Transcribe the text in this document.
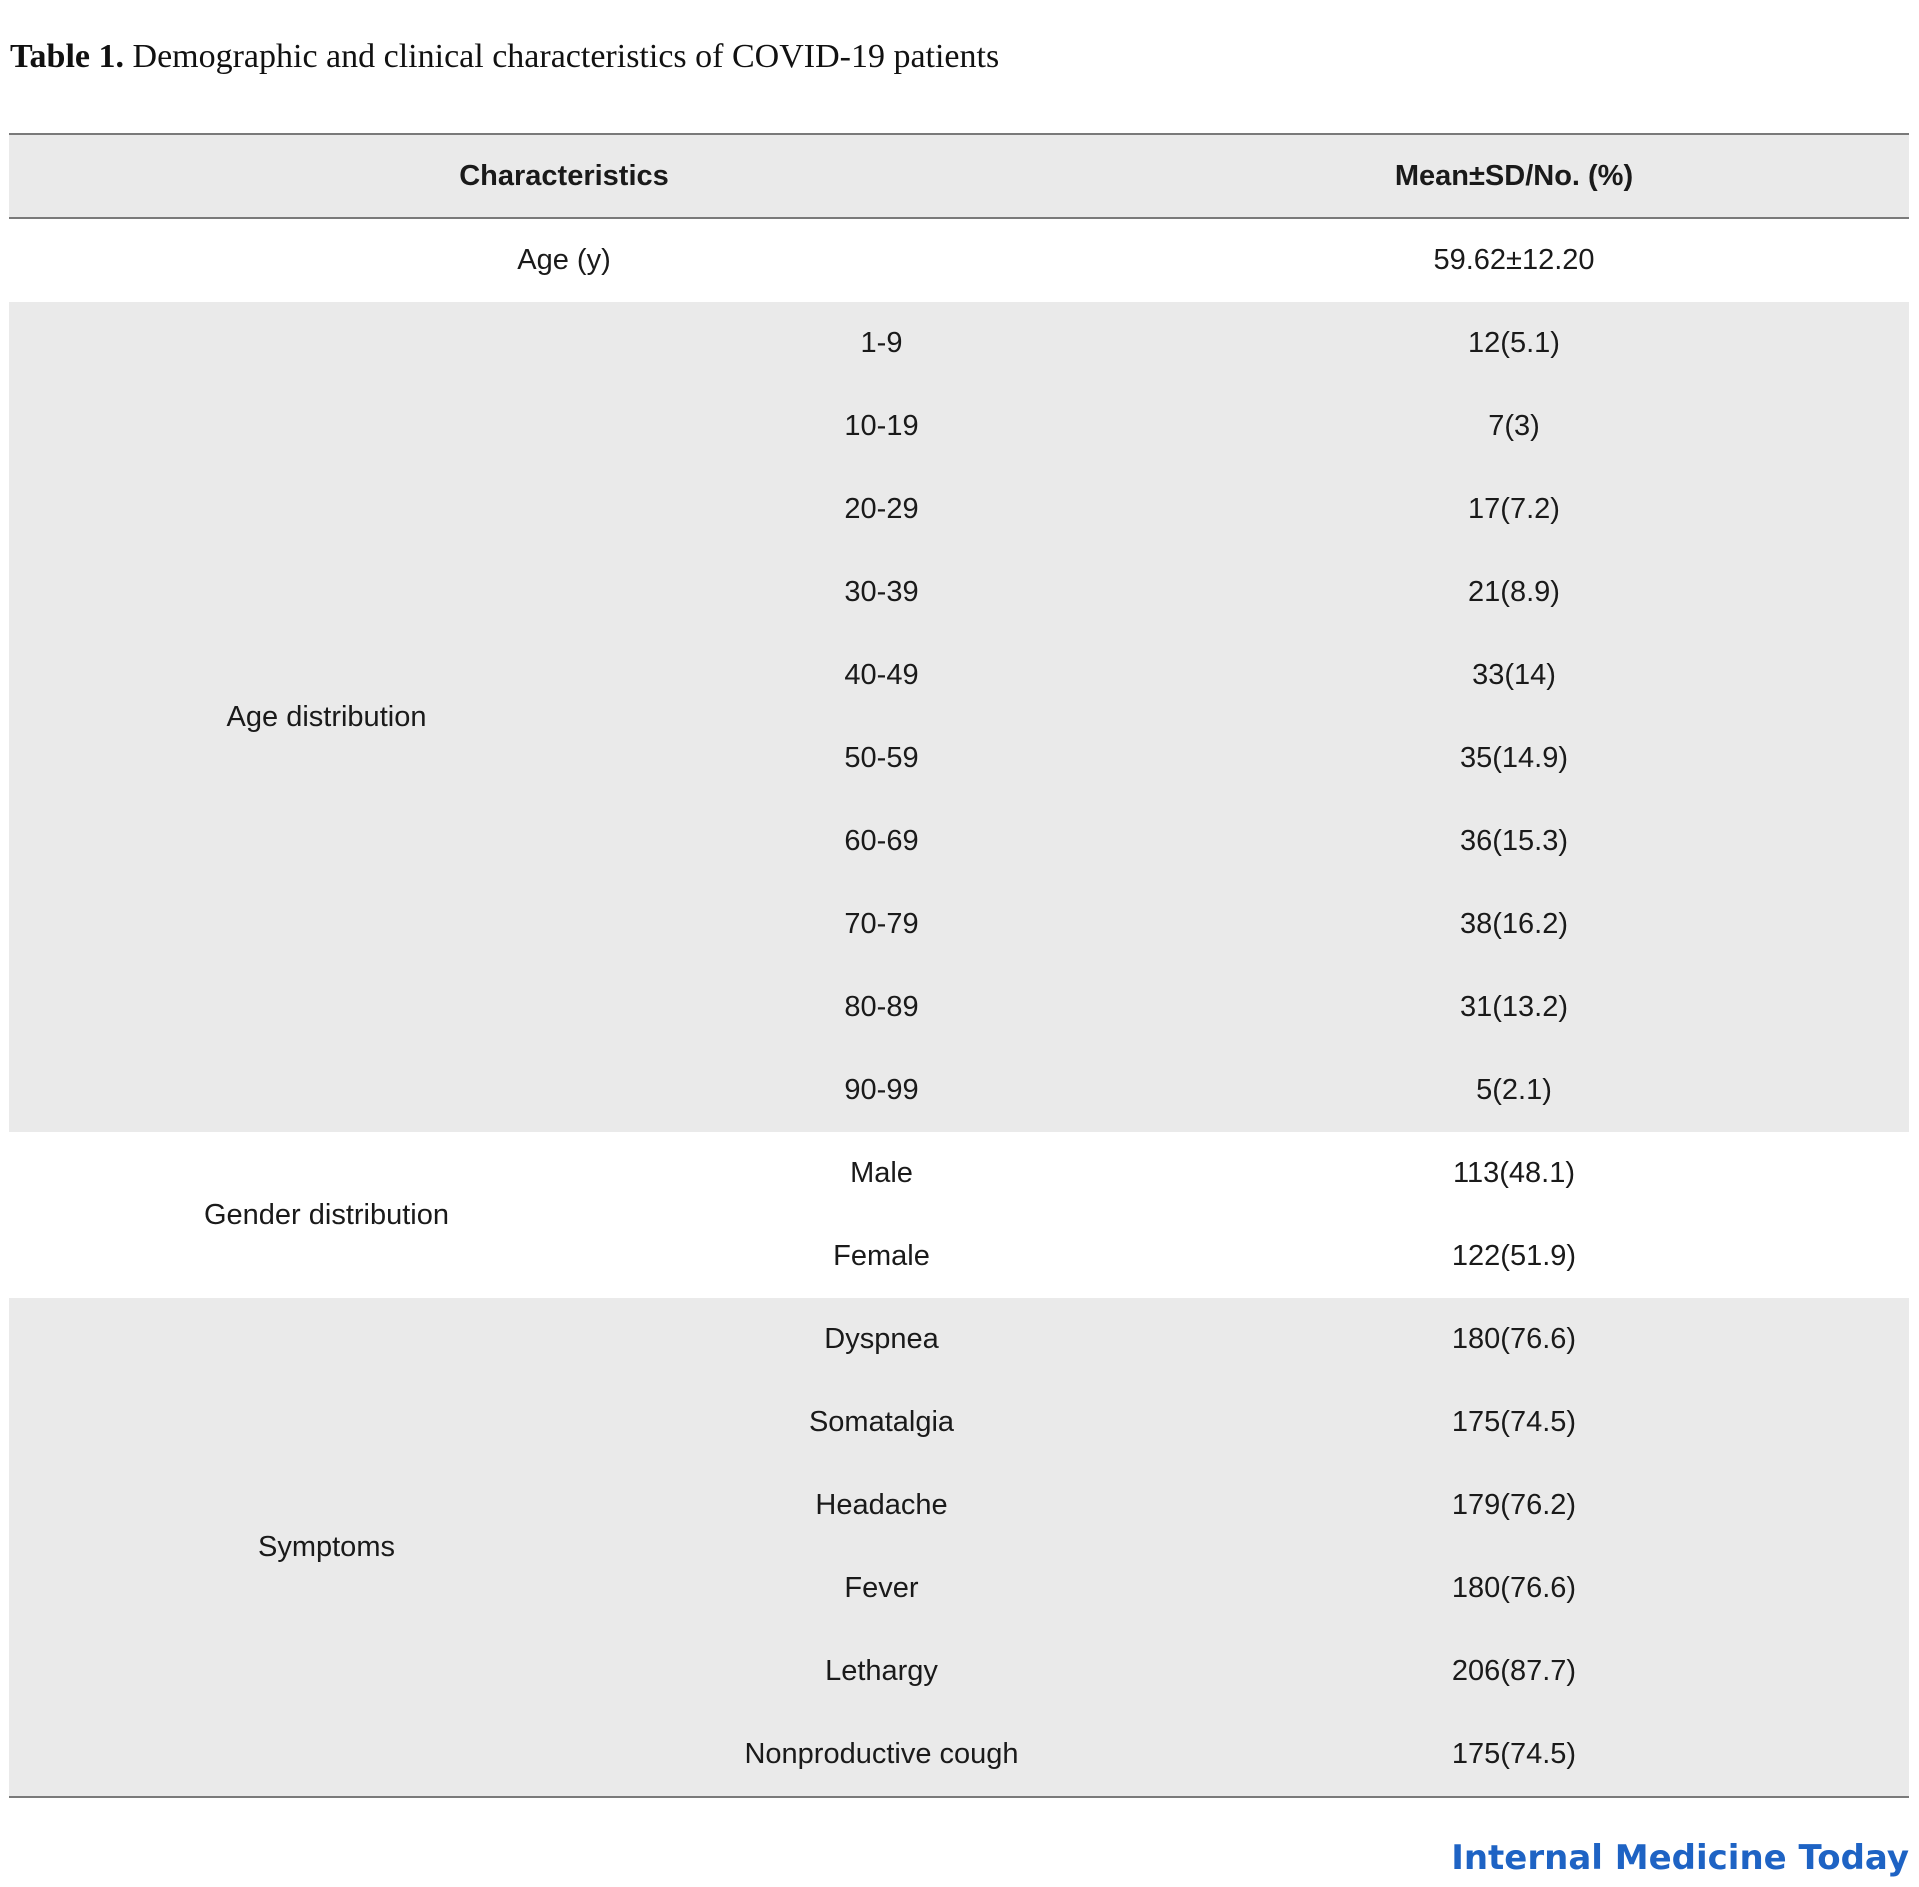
Table 1. Demographic and clinical characteristics of COVID-19 patients
Characteristics	Mean±SD/No. (%)
Age (y)	59.62±12.20
Age distribution
1-9	12(5.1)
10-19	7(3)
20-29	17(7.2)
30-39	21(8.9)
40-49	33(14)
50-59	35(14.9)
60-69	36(15.3)
70-79	38(16.2)
80-89	31(13.2)
90-99	5(2.1)
Gender distribution
Male	113(48.1)
Female	122(51.9)
Symptoms
Dyspnea	180(76.6)
Somatalgia	175(74.5)
Headache	179(76.2)
Fever	180(76.6)
Lethargy	206(87.7)
Nonproductive cough	175(74.5)
Internal Medicine Today
